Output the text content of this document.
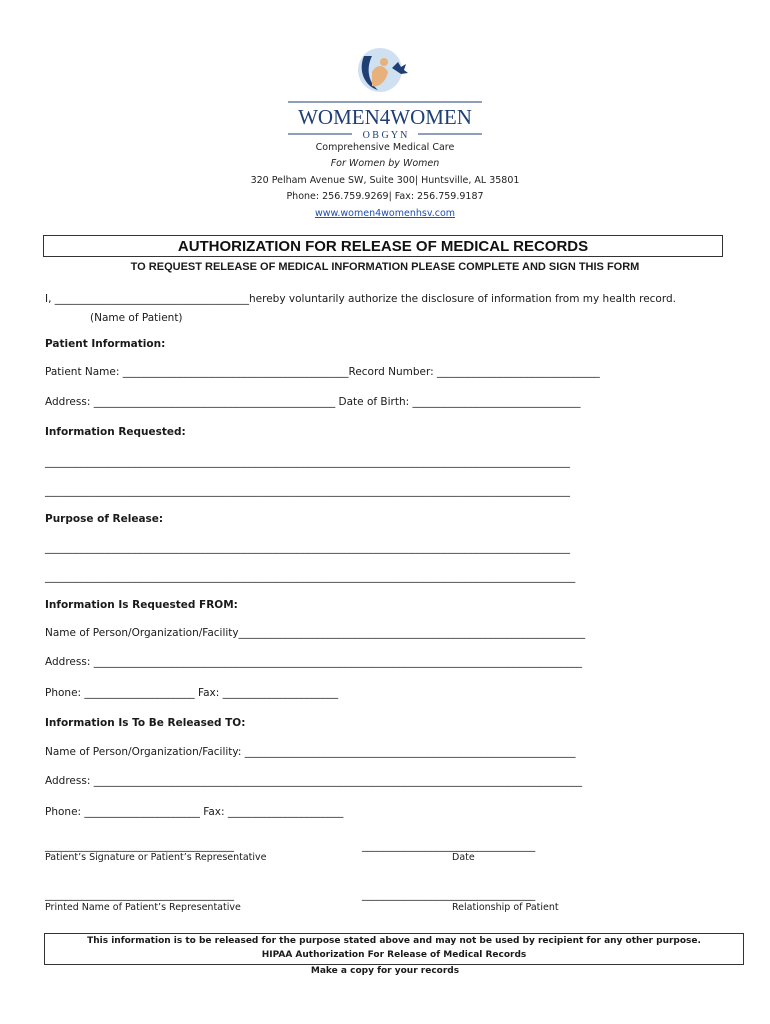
WOMEN4WOMEN
O B G Y N
Comprehensive Medical Care
For Women by Women
320 Pelham Avenue SW, Suite 300| Huntsville, AL 35801
Phone: 256.759.9269| Fax: 256.759.9187
www.women4womenhsv.com
AUTHORIZATION FOR RELEASE OF MEDICAL RECORDS
TO REQUEST RELEASE OF MEDICAL INFORMATION PLEASE COMPLETE AND SIGN THIS FORM
I, _____________________________________hereby voluntarily authorize the disclosure of information from my health record.
(Name of Patient)
Patient Information:
Patient Name: ___________________________________________Record Number: _______________________________
Address: ______________________________________________ Date of Birth: ________________________________
Information Requested:
____________________________________________________________________________________________________
____________________________________________________________________________________________________
Purpose of Release:
____________________________________________________________________________________________________
_____________________________________________________________________________________________________
Information Is Requested FROM:
Name of Person/Organization/Facility__________________________________________________________________
Address: _____________________________________________________________________________________________
Phone: _____________________ Fax: ______________________
Information Is To Be Released TO:
Name of Person/Organization/Facility: _______________________________________________________________
Address: _____________________________________________________________________________________________
Phone: ______________________ Fax: ______________________
____________________________________	_________________________________
Patient’s Signature or Patient’s Representative	Date
____________________________________	_________________________________
Printed Name of Patient’s Representative	Relationship of Patient
This information is to be released for the purpose stated above and may not be used by recipient for any other purpose.
HIPAA Authorization For Release of Medical Records
Make a copy for your records
